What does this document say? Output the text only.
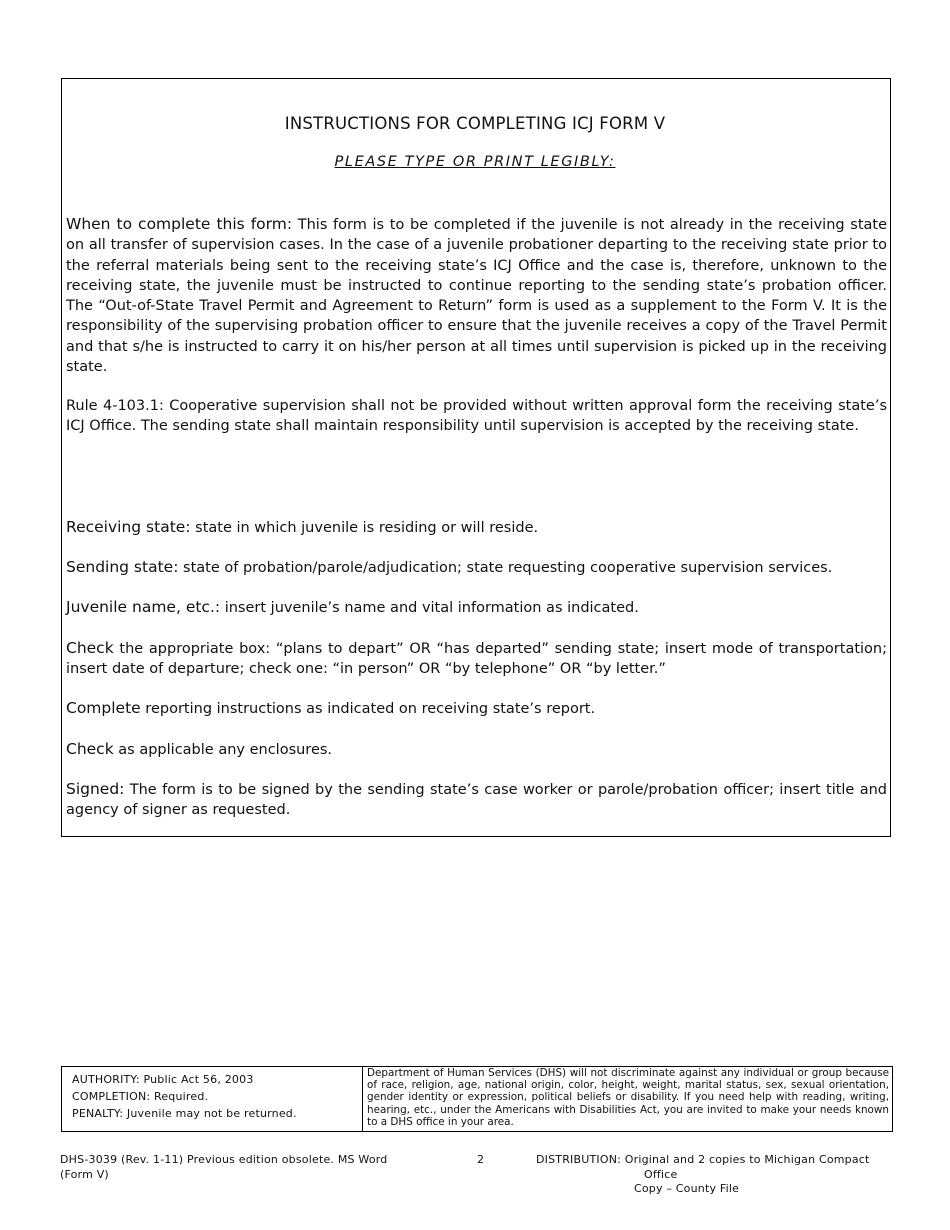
INSTRUCTIONS FOR COMPLETING ICJ FORM V

PLEASE TYPE OR PRINT LEGIBLY:

When to complete this form: This form is to be completed if the juvenile is not already in the receiving state on all transfer of supervision cases. In the case of a juvenile probationer departing to the receiving state prior to the referral materials being sent to the receiving state’s ICJ Office and the case is, therefore, unknown to the receiving state, the juvenile must be instructed to continue reporting to the sending state’s probation officer. The “Out-of-State Travel Permit and Agreement to Return” form is used as a supplement to the Form V. It is the responsibility of the supervising probation officer to ensure that the juvenile receives a copy of the Travel Permit and that s/he is instructed to carry it on his/her person at all times until supervision is picked up in the receiving state.

Rule 4-103.1: Cooperative supervision shall not be provided without written approval form the receiving state’s ICJ Office. The sending state shall maintain responsibility until supervision is accepted by the receiving state.

Receiving state: state in which juvenile is residing or will reside.

Sending state: state of probation/parole/adjudication; state requesting cooperative supervision services.

Juvenile name, etc.: insert juvenile’s name and vital information as indicated.

Check the appropriate box: “plans to depart” OR “has departed” sending state; insert mode of transportation; insert date of departure; check one: “in person” OR “by telephone” OR “by letter.”

Complete reporting instructions as indicated on receiving state’s report.

Check as applicable any enclosures.

Signed: The form is to be signed by the sending state’s case worker or parole/probation officer; insert title and agency of signer as requested.

AUTHORITY: Public Act 56, 2003
COMPLETION: Required.
PENALTY: Juvenile may not be returned.

Department of Human Services (DHS) will not discriminate against any individual or group because of race, religion, age, national origin, color, height, weight, marital status, sex, sexual orientation, gender identity or expression, political beliefs or disability. If you need help with reading, writing, hearing, etc., under the Americans with Disabilities Act, you are invited to make your needs known to a DHS office in your area.

DHS-3039 (Rev. 1-11) Previous edition obsolete. MS Word
(Form V)
2	DISTRIBUTION: Original and 2 copies to Michigan Compact
Office
Copy – County File
